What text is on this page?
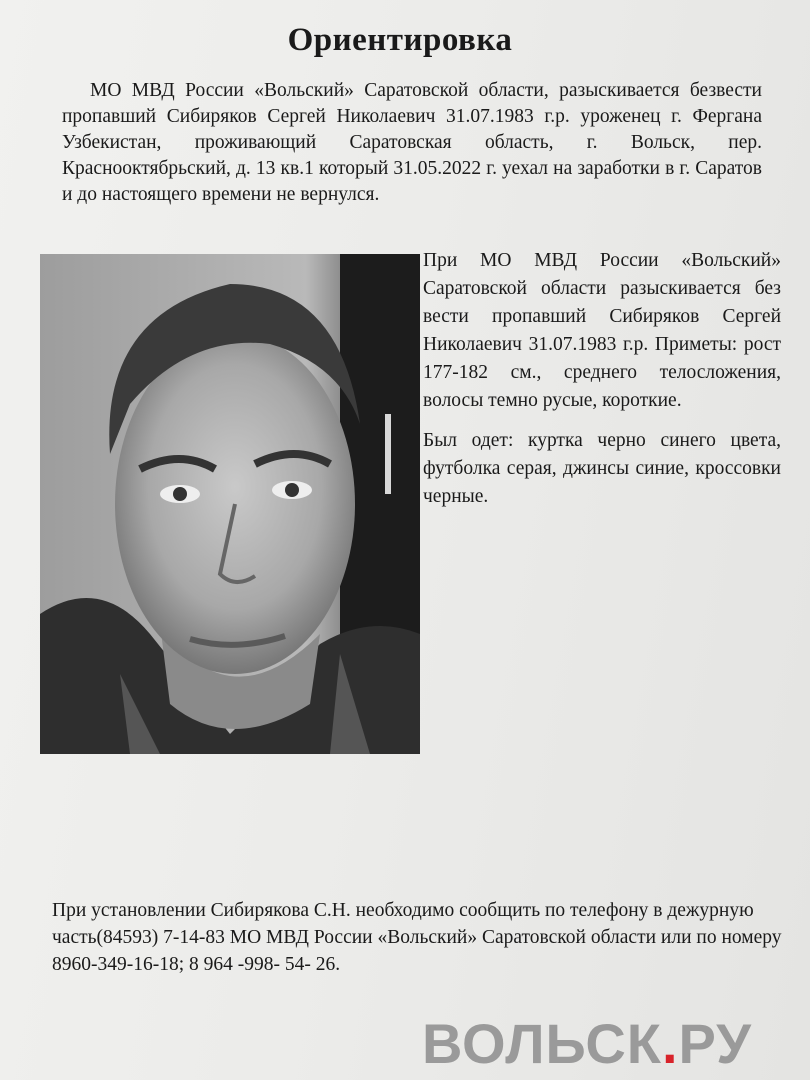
Ориентировка
МО МВД России «Вольский» Саратовской области, разыскивается безвести пропавший Сибиряков Сергей Николаевич 31.07.1983 г.р. уроженец г. Фергана Узбекистан, проживающий Саратовская область, г. Вольск, пер. Краснооктябрьский, д. 13 кв.1 который 31.05.2022 г. уехал на заработки в г. Саратов и до настоящего времени не вернулся.

При МО МВД России «Вольский» Саратовской области разыскивается без вести пропавший Сибиряков Сергей Николаевич 31.07.1983 г.р. Приметы: рост 177-182 см., среднего телосложения, волосы темно русые, короткие.

Был одет: куртка черно синего цвета, футболка серая, джинсы синие, кроссовки черные.

При установлении Сибирякова С.Н. необходимо сообщить по телефону в дежурную часть(84593) 7-14-83 МО МВД России «Вольский» Саратовской области или по номеру 8960-349-16-18; 8 964 -998- 54- 26.
ВОЛЬСК.РУ
